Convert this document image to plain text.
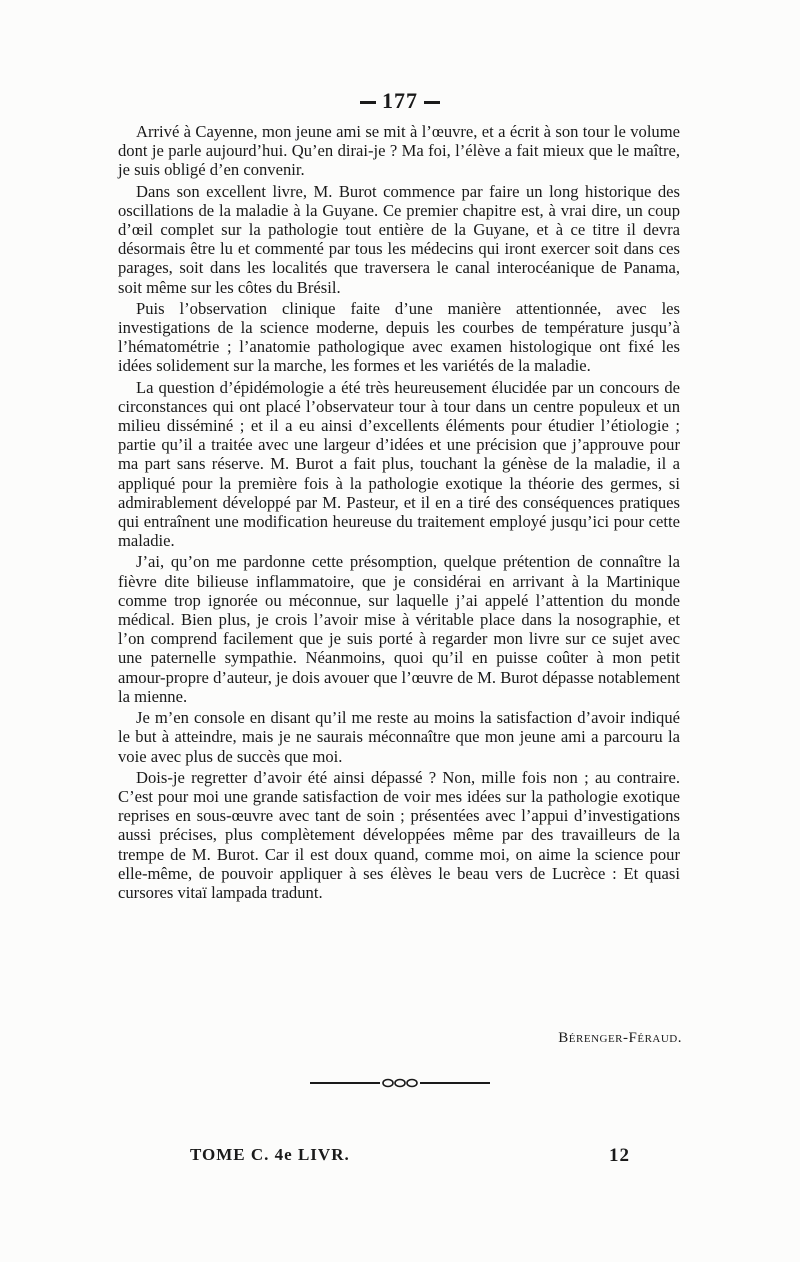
177

Arrivé à Cayenne, mon jeune ami se mit à l’œuvre, et a écrit à son tour le volume dont je parle aujourd’hui. Qu’en dirai-je ? Ma foi, l’élève a fait mieux que le maître, je suis obligé d’en convenir.

Dans son excellent livre, M. Burot commence par faire un long historique des oscillations de la maladie à la Guyane. Ce premier chapitre est, à vrai dire, un coup d’œil complet sur la pathologie tout entière de la Guyane, et à ce titre il devra désormais être lu et commenté par tous les médecins qui iront exercer soit dans ces parages, soit dans les localités que traversera le canal interocéanique de Panama, soit même sur les côtes du Brésil.

Puis l’observation clinique faite d’une manière attentionnée, avec les investigations de la science moderne, depuis les courbes de température jusqu’à l’hématométrie ; l’anatomie pathologique avec examen histologique ont fixé les idées solidement sur la marche, les formes et les variétés de la maladie.

La question d’épidémologie a été très heureusement élucidée par un concours de circonstances qui ont placé l’observateur tour à tour dans un centre populeux et un milieu disséminé ; et il a eu ainsi d’excellents éléments pour étudier l’étiologie ; partie qu’il a traitée avec une largeur d’idées et une précision que j’approuve pour ma part sans réserve. M. Burot a fait plus, touchant la génèse de la maladie, il a appliqué pour la première fois à la pathologie exotique la théorie des germes, si admirablement développé par M. Pasteur, et il en a tiré des conséquences pratiques qui entraînent une modification heureuse du traitement employé jusqu’ici pour cette maladie.

J’ai, qu’on me pardonne cette présomption, quelque prétention de connaître la fièvre dite bilieuse inflammatoire, que je considérai en arrivant à la Martinique comme trop ignorée ou méconnue, sur laquelle j’ai appelé l’attention du monde médical. Bien plus, je crois l’avoir mise à véritable place dans la nosographie, et l’on comprend facilement que je suis porté à regarder mon livre sur ce sujet avec une paternelle sympathie. Néanmoins, quoi qu’il en puisse coûter à mon petit amour-propre d’auteur, je dois avouer que l’œuvre de M. Burot dépasse notablement la mienne.

Je m’en console en disant qu’il me reste au moins la satisfaction d’avoir indiqué le but à atteindre, mais je ne saurais méconnaître que mon jeune ami a parcouru la voie avec plus de succès que moi.

Dois-je regretter d’avoir été ainsi dépassé ? Non, mille fois non ; au contraire. C’est pour moi une grande satisfaction de voir mes idées sur la pathologie exotique reprises en sous-œuvre avec tant de soin ; présentées avec l’appui d’investigations aussi précises, plus complètement développées même par des travailleurs de la trempe de M. Burot. Car il est doux quand, comme moi, on aime la science pour elle-même, de pouvoir appliquer à ses élèves le beau vers de Lucrèce : Et quasi cursores vitaï lampada tradunt.

Bérenger-Féraud.
TOME C. 4e LIVR.	12
